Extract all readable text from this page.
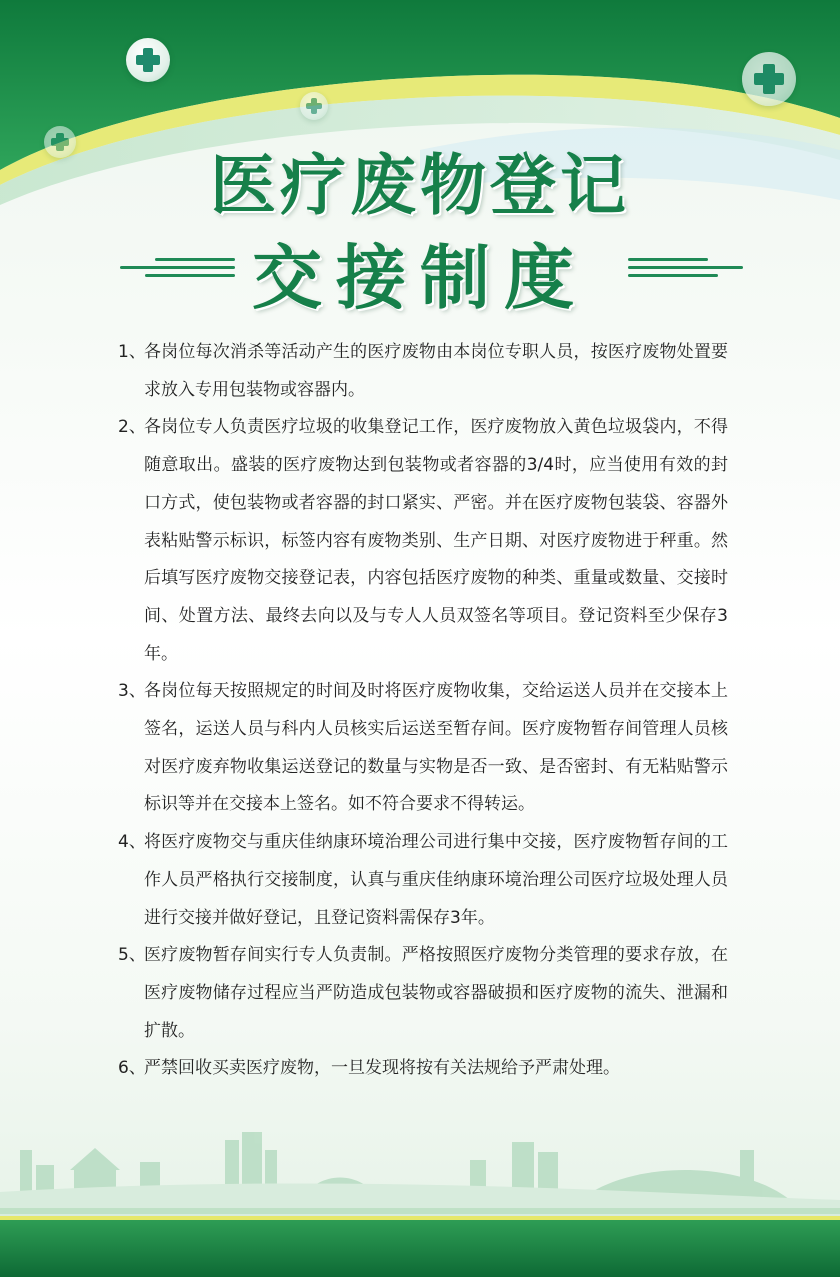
医疗废物登记
交接制度
1、
各岗位每次消杀等活动产生的医疗废物由本岗位专职人员，按医疗废物处置要求放入专用包装物或容器内。
2、
各岗位专人负责医疗垃圾的收集登记工作，医疗废物放入黄色垃圾袋内，不得随意取出。盛装的医疗废物达到包装物或者容器的3/4时，应当使用有效的封口方式，使包装物或者容器的封口紧实、严密。并在医疗废物包装袋、容器外表粘贴警示标识，标签内容有废物类别、生产日期、对医疗废物进于秤重。然后填写医疗废物交接登记表，内容包括医疗废物的种类、重量或数量、交接时间、处置方法、最终去向以及与专人人员双签名等项目。登记资料至少保存3年。
3、
各岗位每天按照规定的时间及时将医疗废物收集，交给运送人员并在交接本上签名，运送人员与科内人员核实后运送至暂存间。医疗废物暂存间管理人员核对医疗废弃物收集运送登记的数量与实物是否一致、是否密封、有无粘贴警示标识等并在交接本上签名。如不符合要求不得转运。
4、
将医疗废物交与重庆佳纳康环境治理公司进行集中交接，医疗废物暂存间的工作人员严格执行交接制度，认真与重庆佳纳康环境治理公司医疗垃圾处理人员进行交接并做好登记，且登记资料需保存3年。
5、
医疗废物暂存间实行专人负责制。严格按照医疗废物分类管理的要求存放，在医疗废物储存过程应当严防造成包装物或容器破损和医疗废物的流失、泄漏和扩散。
6、
严禁回收买卖医疗废物，一旦发现将按有关法规给予严肃处理。
